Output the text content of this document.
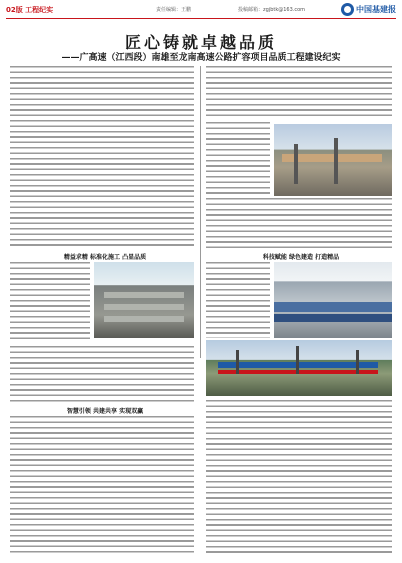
02版 工程纪实	责任编辑：王鹏	投稿邮箱：zgjbtk@163.com	中国基建报
匠心铸就卓越品质
——广高速（江西段）南雄至龙南高速公路扩容项目品质工程建设纪实
精益求精 标准化施工 凸显品质	科技赋能 绿色建造 打造精品
智慧引领 共建共享 实现双赢
